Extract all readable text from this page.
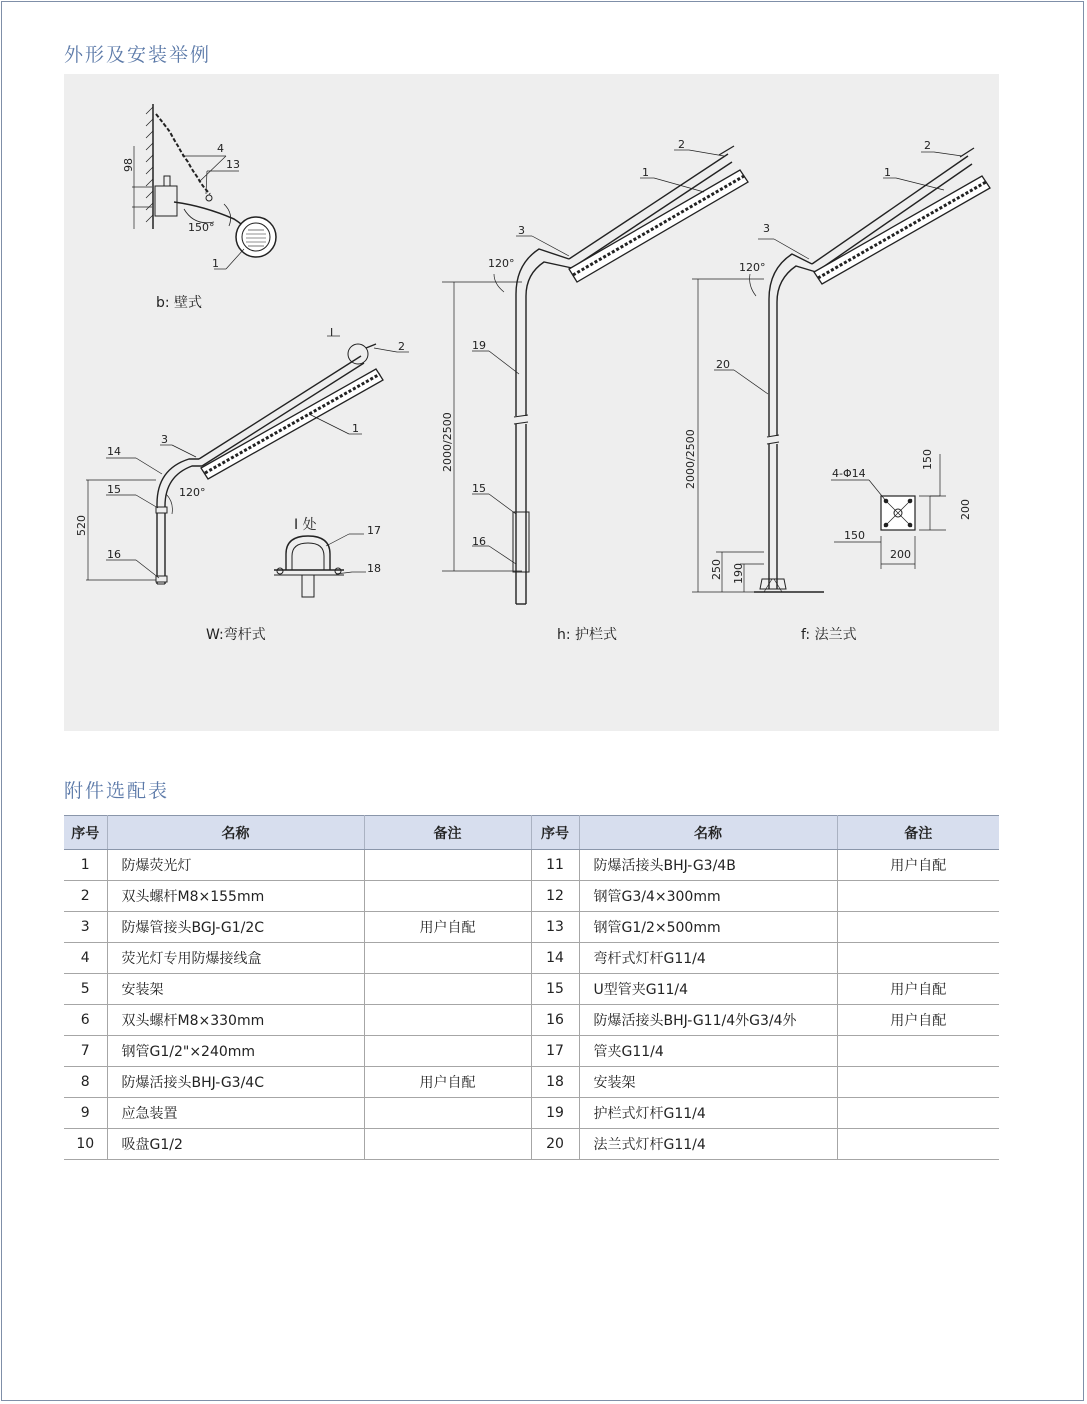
外形及安装举例
4
13
1
150°
98
I
2
1
3
14
15
16
120°
520	I 处	17
18
2
1
3
19
15
16
120°
2000/2500
2
1
3
20
120°
2000/2500	4-Φ14
150
200
150
200
250 190
b: 壁式
W:弯杆式	h: 护栏式	f: 法兰式
附件选配表
序号	名称	备注	序号	名称	备注
1	防爆荧光灯		11	防爆活接头BHJ-G3/4B	用户自配
2	双头螺杆M8×155mm		12	钢管G3/4×300mm	
3	防爆管接头BGJ-G1/2C	用户自配	13	钢管G1/2×500mm	
4	荧光灯专用防爆接线盒		14	弯杆式灯杆G11/4	
5	安装架		15	U型管夹G11/4	用户自配
6	双头螺杆M8×330mm		16	防爆活接头BHJ-G11/4外G3/4外	用户自配
7	钢管G1/2"×240mm		17	管夹G11/4	
8	防爆活接头BHJ-G3/4C	用户自配	18	安装架	
9	应急装置		19	护栏式灯杆G11/4	
10	吸盘G1/2		20	法兰式灯杆G11/4	
